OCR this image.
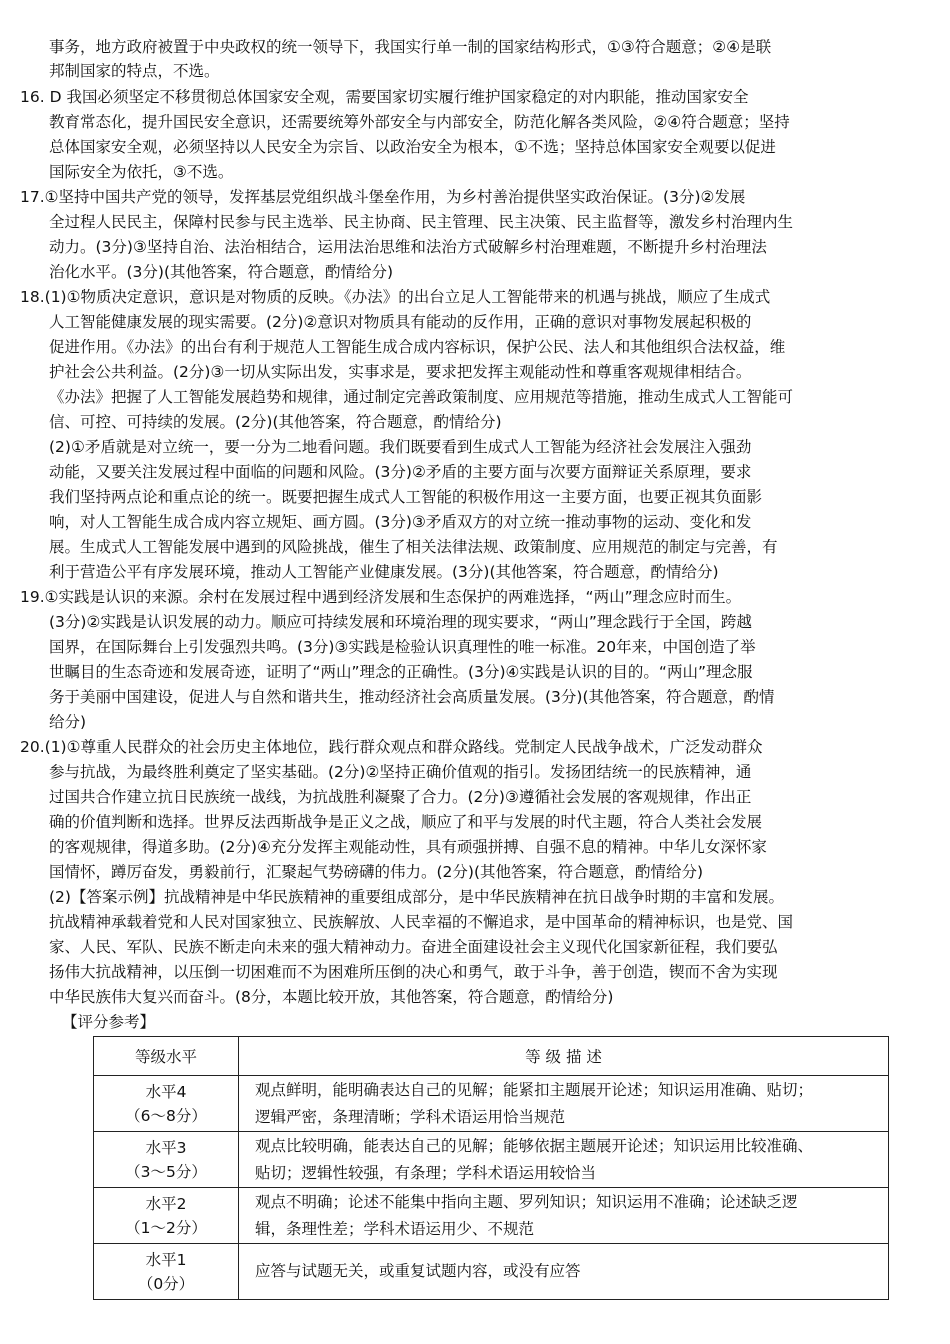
事务，地方政府被置于中央政权的统一领导下，我国实行单一制的国家结构形式，①③符合题意；②④是联
邦制国家的特点，不选。
16. D 我国必须坚定不移贯彻总体国家安全观，需要国家切实履行维护国家稳定的对内职能，推动国家安全
教育常态化，提升国民安全意识，还需要统筹外部安全与内部安全，防范化解各类风险，②④符合题意；坚持
总体国家安全观，必须坚持以人民安全为宗旨、以政治安全为根本，①不选；坚持总体国家安全观要以促进
国际安全为依托，③不选。
17.①坚持中国共产党的领导，发挥基层党组织战斗堡垒作用，为乡村善治提供坚实政治保证。(3分)②发展
全过程人民民主，保障村民参与民主选举、民主协商、民主管理、民主决策、民主监督等，激发乡村治理内生
动力。(3分)③坚持自治、法治相结合，运用法治思维和法治方式破解乡村治理难题，不断提升乡村治理法
治化水平。(3分)(其他答案，符合题意，酌情给分)
18.(1)①物质决定意识，意识是对物质的反映。《办法》的出台立足人工智能带来的机遇与挑战，顺应了生成式
人工智能健康发展的现实需要。(2分)②意识对物质具有能动的反作用，正确的意识对事物发展起积极的
促进作用。《办法》的出台有利于规范人工智能生成合成内容标识，保护公民、法人和其他组织合法权益，维
护社会公共利益。(2分)③一切从实际出发，实事求是，要求把发挥主观能动性和尊重客观规律相结合。
《办法》把握了人工智能发展趋势和规律，通过制定完善政策制度、应用规范等措施，推动生成式人工智能可
信、可控、可持续的发展。(2分)(其他答案，符合题意，酌情给分)
(2)①矛盾就是对立统一，要一分为二地看问题。我们既要看到生成式人工智能为经济社会发展注入强劲
动能，又要关注发展过程中面临的问题和风险。(3分)②矛盾的主要方面与次要方面辩证关系原理，要求
我们坚持两点论和重点论的统一。既要把握生成式人工智能的积极作用这一主要方面，也要正视其负面影
响，对人工智能生成合成内容立规矩、画方圆。(3分)③矛盾双方的对立统一推动事物的运动、变化和发
展。生成式人工智能发展中遇到的风险挑战，催生了相关法律法规、政策制度、应用规范的制定与完善，有
利于营造公平有序发展环境，推动人工智能产业健康发展。(3分)(其他答案，符合题意，酌情给分)
19.①实践是认识的来源。余村在发展过程中遇到经济发展和生态保护的两难选择，“两山”理念应时而生。
(3分)②实践是认识发展的动力。顺应可持续发展和环境治理的现实要求，“两山”理念践行于全国，跨越
国界，在国际舞台上引发强烈共鸣。(3分)③实践是检验认识真理性的唯一标准。20年来，中国创造了举
世瞩目的生态奇迹和发展奇迹，证明了“两山”理念的正确性。(3分)④实践是认识的目的。“两山”理念服
务于美丽中国建设，促进人与自然和谐共生，推动经济社会高质量发展。(3分)(其他答案，符合题意，酌情
给分)
20.(1)①尊重人民群众的社会历史主体地位，践行群众观点和群众路线。党制定人民战争战术，广泛发动群众
参与抗战，为最终胜利奠定了坚实基础。(2分)②坚持正确价值观的指引。发扬团结统一的民族精神，通
过国共合作建立抗日民族统一战线，为抗战胜利凝聚了合力。(2分)③遵循社会发展的客观规律，作出正
确的价值判断和选择。世界反法西斯战争是正义之战，顺应了和平与发展的时代主题，符合人类社会发展
的客观规律，得道多助。(2分)④充分发挥主观能动性，具有顽强拼搏、自强不息的精神。中华儿女深怀家
国情怀，蹲厉奋发，勇毅前行，汇聚起气势磅礴的伟力。(2分)(其他答案，符合题意，酌情给分)
(2)【答案示例】抗战精神是中华民族精神的重要组成部分，是中华民族精神在抗日战争时期的丰富和发展。
抗战精神承载着党和人民对国家独立、民族解放、人民幸福的不懈追求，是中国革命的精神标识，也是党、国
家、人民、军队、民族不断走向未来的强大精神动力。奋进全面建设社会主义现代化国家新征程，我们要弘
扬伟大抗战精神，以压倒一切困难而不为困难所压倒的决心和勇气，敢于斗争，善于创造，锲而不舍为实现
中华民族伟大复兴而奋斗。(8分，本题比较开放，其他答案，符合题意，酌情给分)
【评分参考】
等级水平	等 级 描 述

水平4
（6～8分）	观点鲜明，能明确表达自己的见解；能紧扣主题展开论述；知识运用准确、贴切；
逻辑严密，条理清晰；学科术语运用恰当规范

水平3
（3～5分）	观点比较明确，能表达自己的见解；能够依据主题展开论述；知识运用比较准确、
贴切；逻辑性较强，有条理；学科术语运用较恰当

水平2
（1～2分）	观点不明确；论述不能集中指向主题、罗列知识；知识运用不准确；论述缺乏逻
辑，条理性差；学科术语运用少、不规范

水平1
（0分）	应答与试题无关，或重复试题内容，或没有应答
